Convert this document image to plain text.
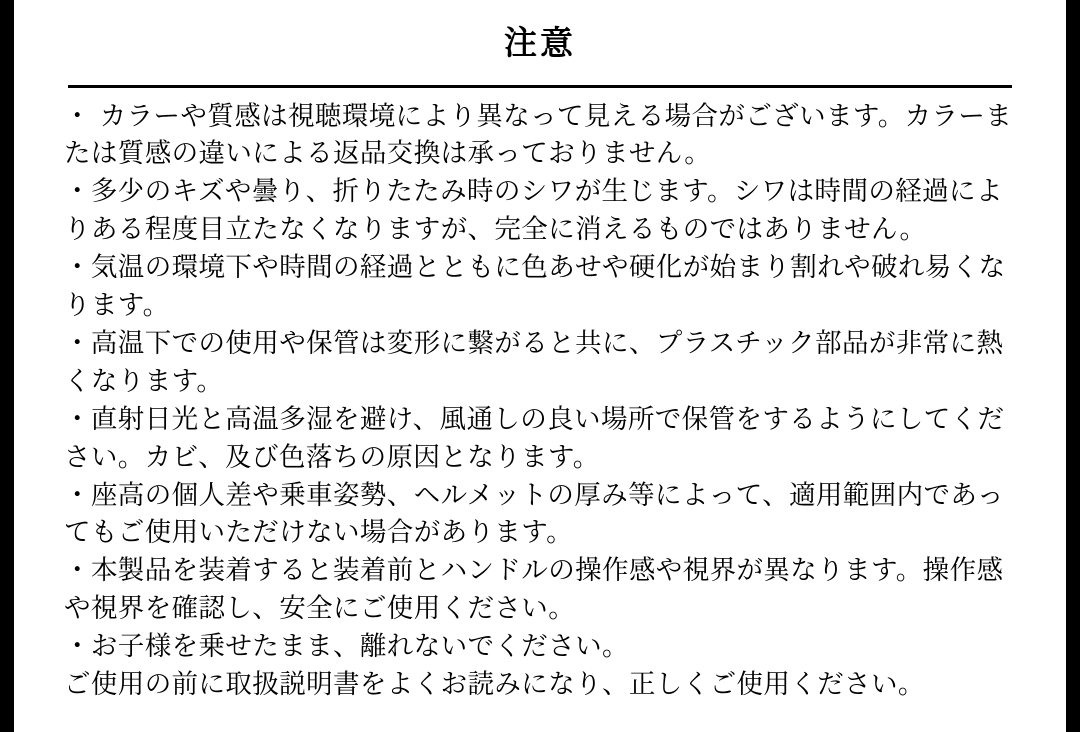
注意
・ カラーや質感は視聴環境により異なって見える場合がございます。カラーまたは質感の違いによる返品交換は承っておりません。
・多少のキズや曇り、折りたたみ時のシワが生じます。シワは時間の経過によりある程度目立たなくなりますが、完全に消えるものではありません。
・気温の環境下や時間の経過とともに色あせや硬化が始まり割れや破れ易くなります。
・高温下での使用や保管は変形に繋がると共に、プラスチック部品が非常に熱くなります。
・直射日光と高温多湿を避け、風通しの良い場所で保管をするようにしてください。カビ、及び色落ちの原因となります。
・座高の個人差や乗車姿勢、ヘルメットの厚み等によって、適用範囲内であってもご使用いただけない場合があります。
・本製品を装着すると装着前とハンドルの操作感や視界が異なります。操作感や視界を確認し、安全にご使用ください。
・お子様を乗せたまま、離れないでください。

ご使用の前に取扱説明書をよくお読みになり、正しくご使用ください。
